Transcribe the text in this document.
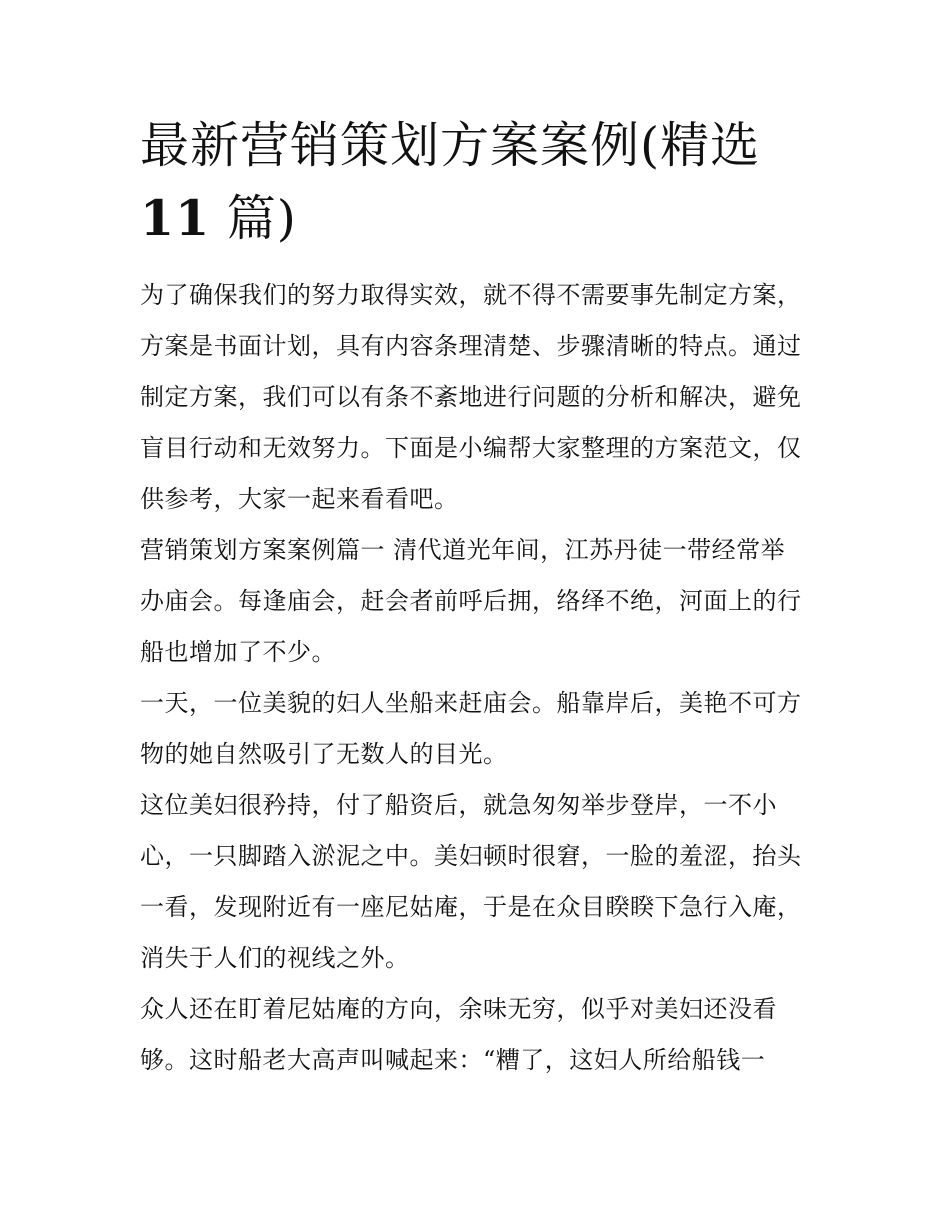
最新营销策划方案案例(精选
11 篇)

为了确保我们的努力取得实效，就不得不需要事先制定方案，
方案是书面计划，具有内容条理清楚、步骤清晰的特点。通过
制定方案，我们可以有条不紊地进行问题的分析和解决，避免
盲目行动和无效努力。下面是小编帮大家整理的方案范文，仅
供参考，大家一起来看看吧。

营销策划方案案例篇一 清代道光年间，江苏丹徒一带经常举
办庙会。每逢庙会，赶会者前呼后拥，络绎不绝，河面上的行
船也增加了不少。

一天，一位美貌的妇人坐船来赶庙会。船靠岸后，美艳不可方
物的她自然吸引了无数人的目光。

这位美妇很矜持，付了船资后，就急匆匆举步登岸，一不小
心，一只脚踏入淤泥之中。美妇顿时很窘，一脸的羞涩，抬头
一看，发现附近有一座尼姑庵，于是在众目睽睽下急行入庵，
消失于人们的视线之外。

众人还在盯着尼姑庵的方向，余味无穷，似乎对美妇还没看
够。这时船老大高声叫喊起来：“糟了，这妇人所给船钱一
